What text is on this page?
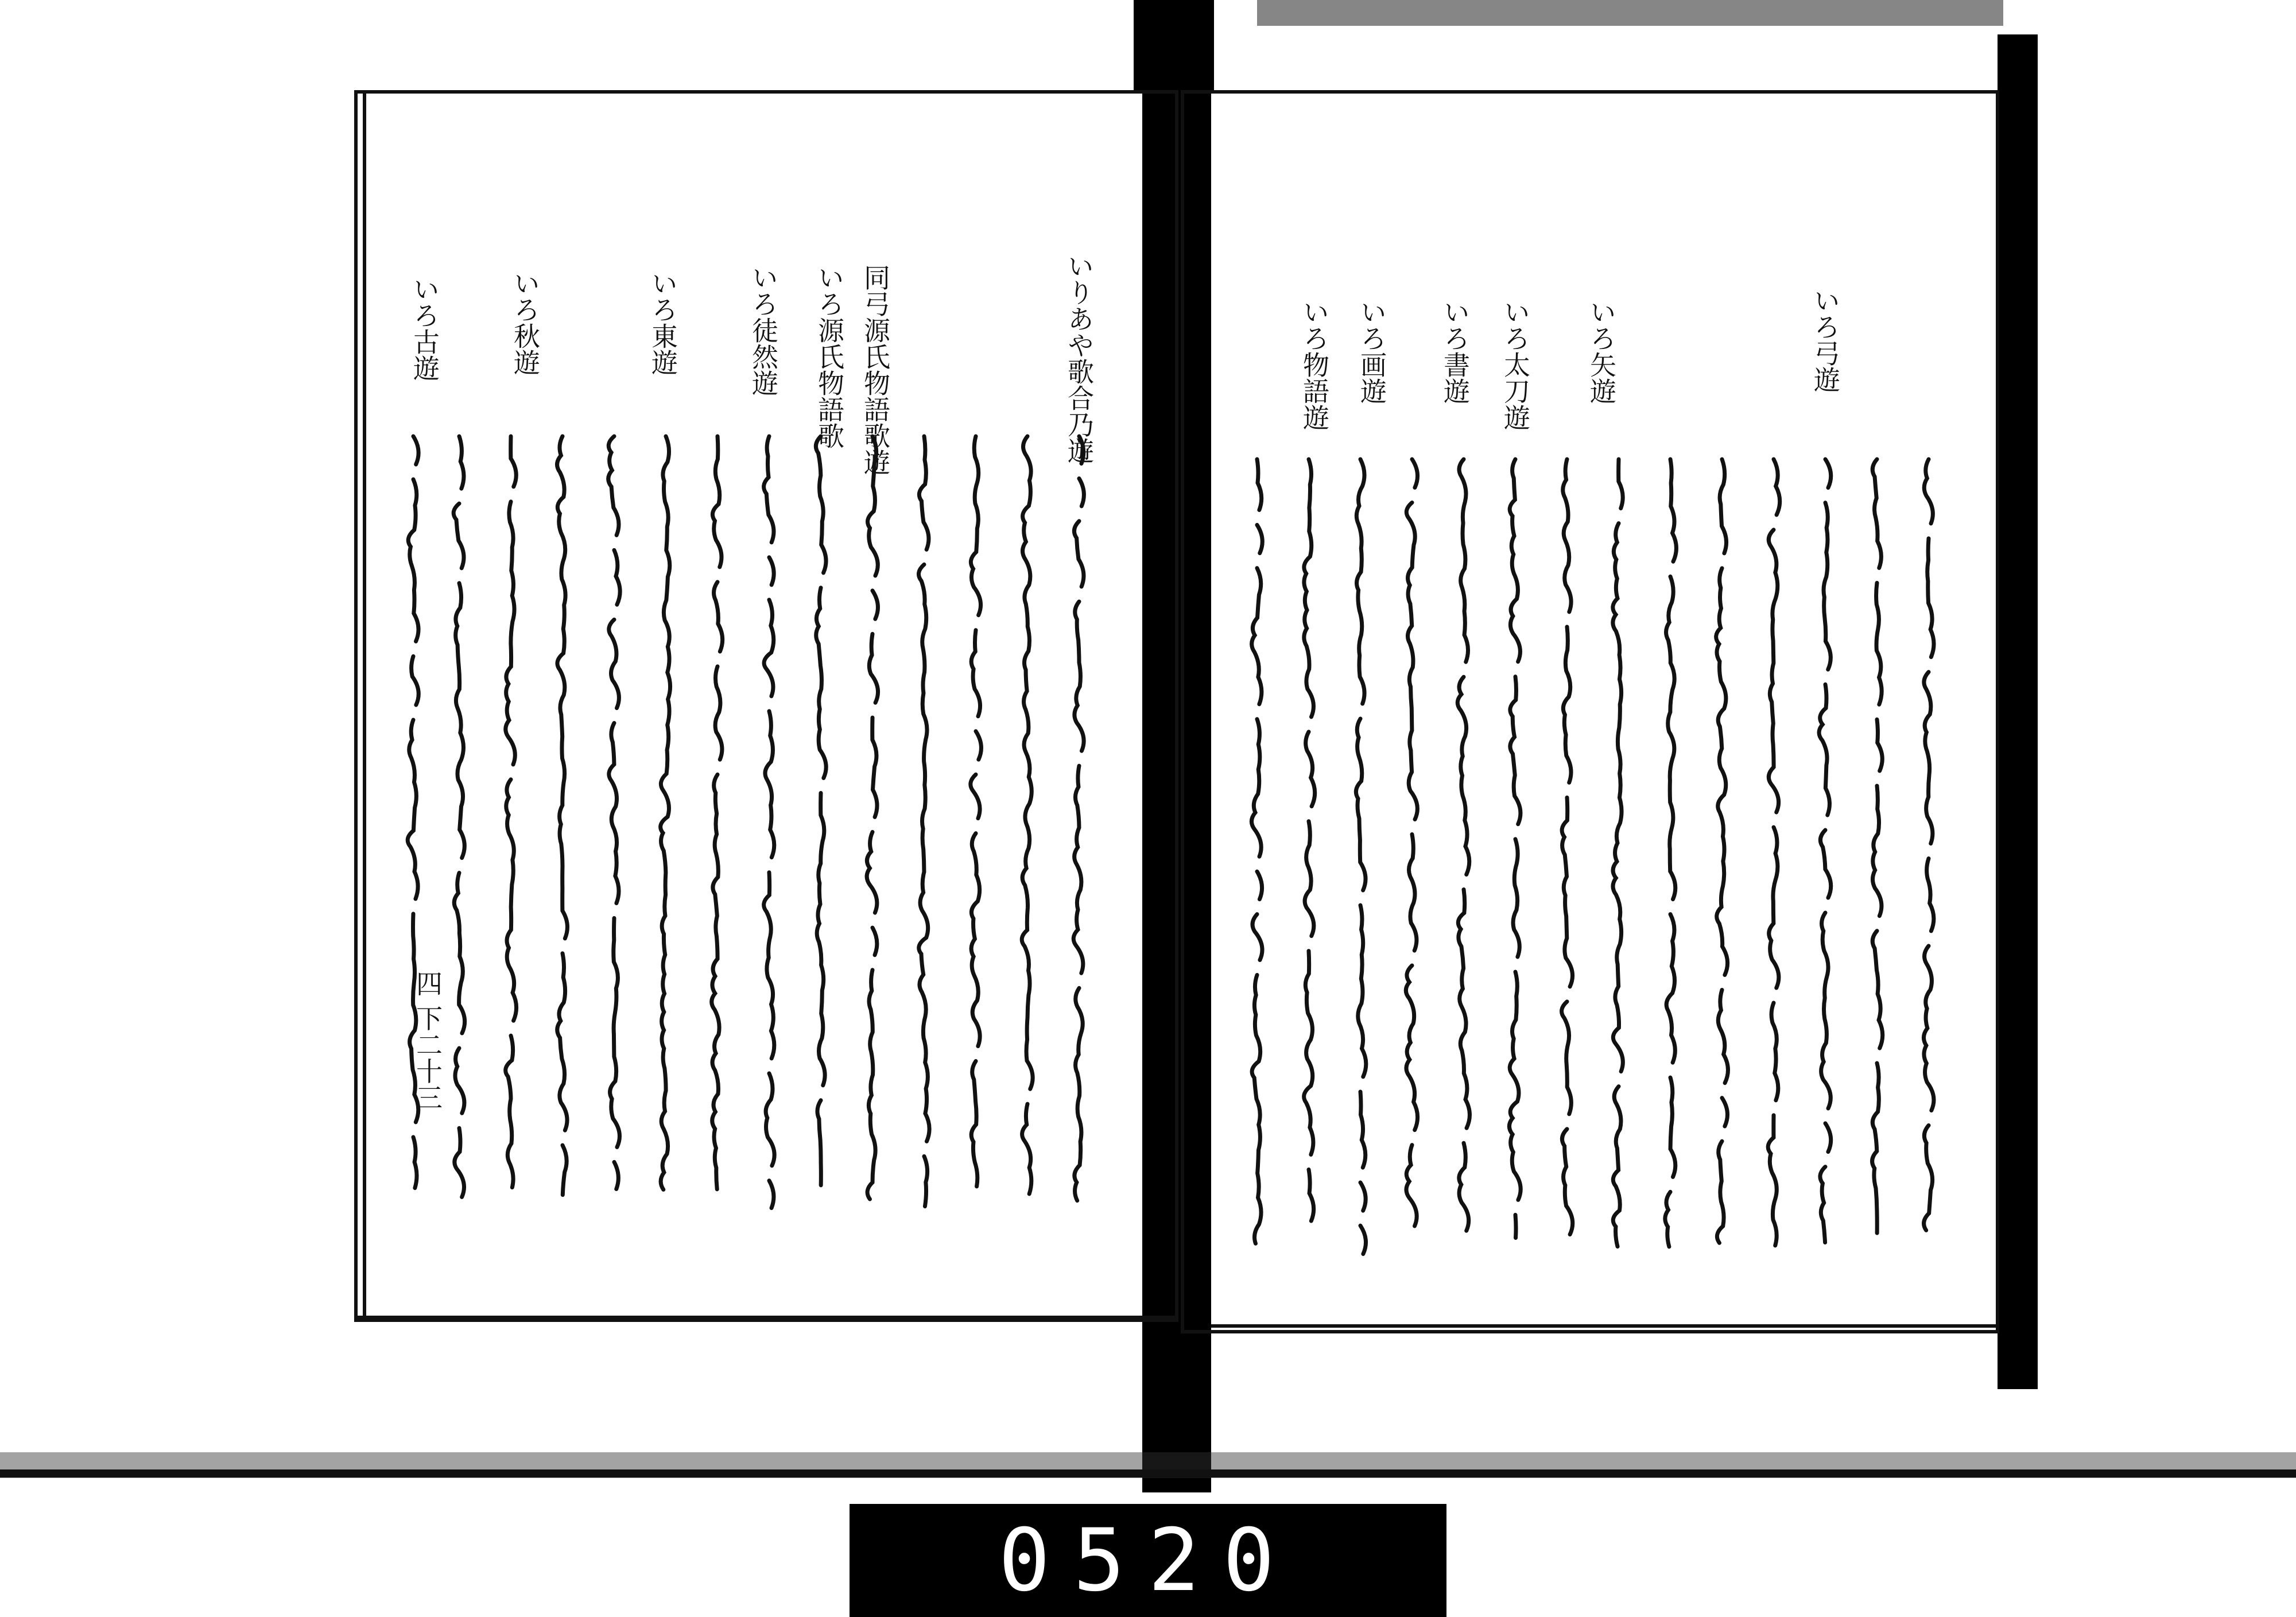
いりあや歌合乃遊
同弓源氏物語歌遊
いろ源氏物語歌
いろ徒然遊
いろ東遊
いろ秋遊
いろ古遊
四 下二十三
いろ弓遊
いろ矢遊
いろ太刀遊
いろ書遊
いろ画遊
いろ物語遊
0520
